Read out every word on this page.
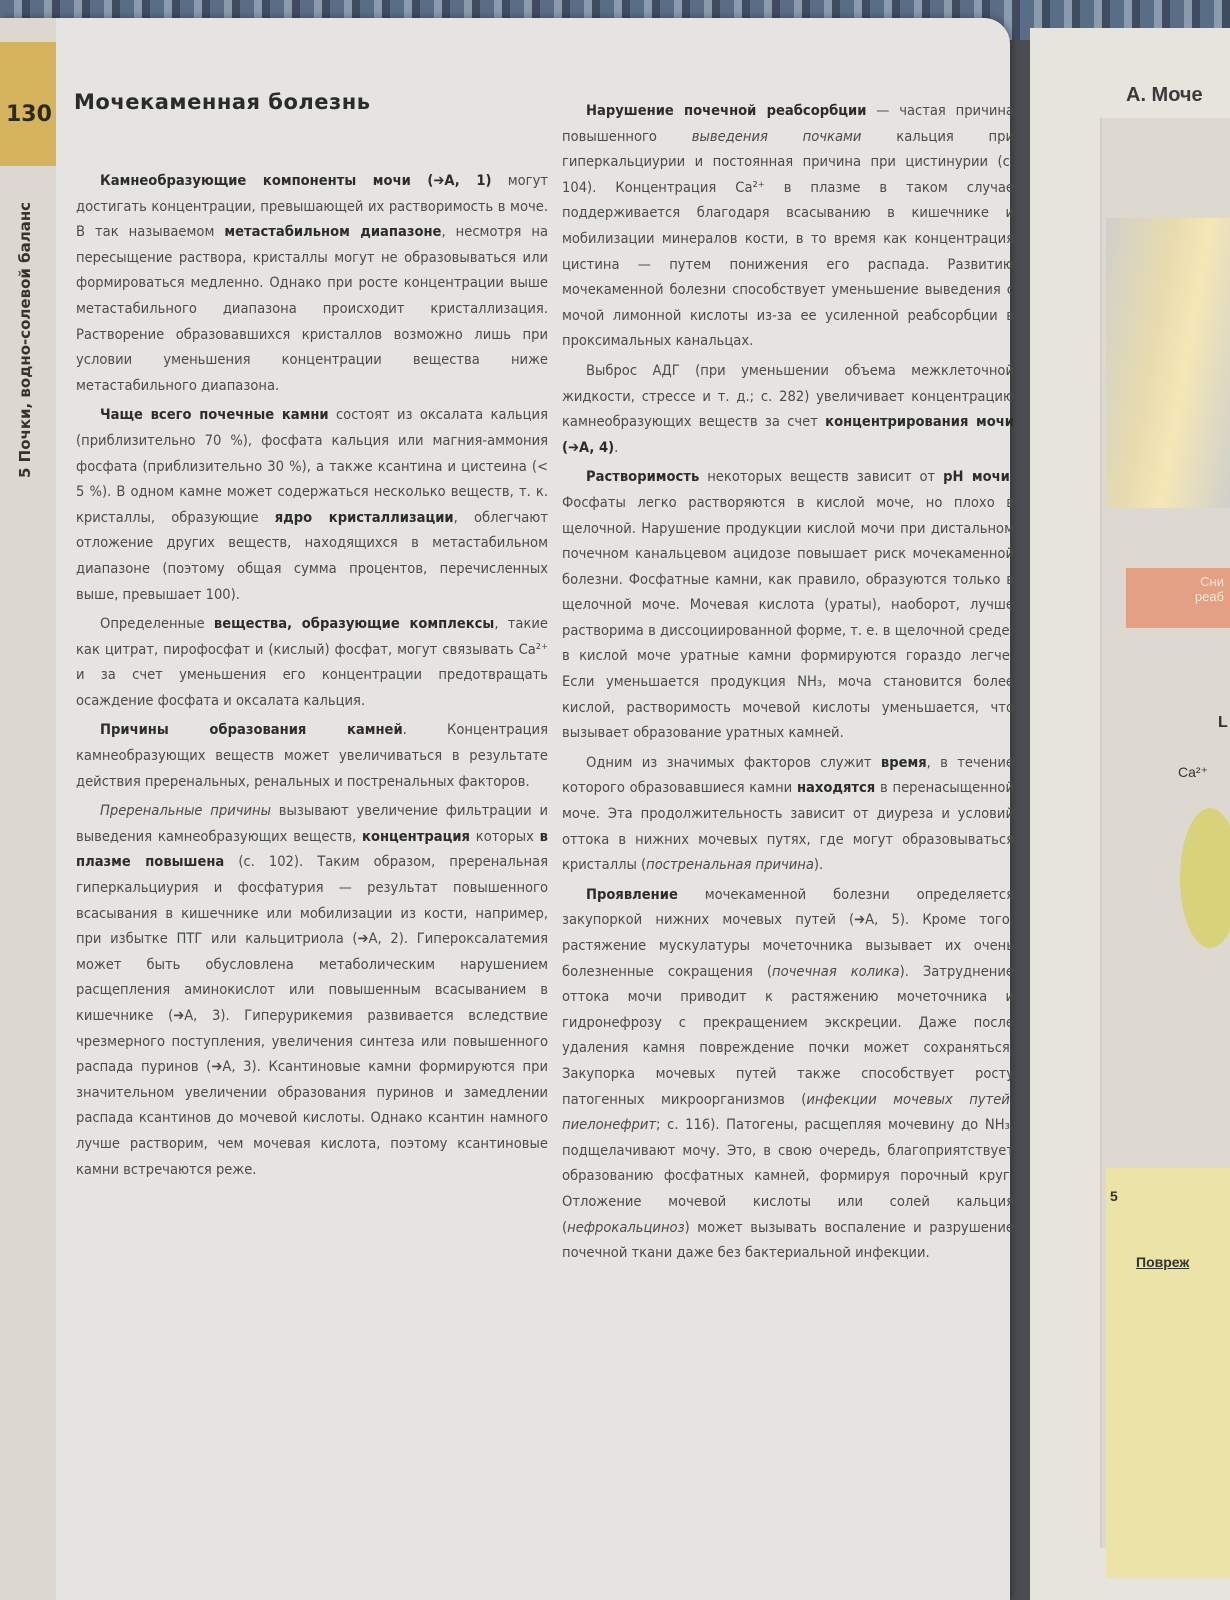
А. Моче
Сни
реаб
L
Ca²⁺
5
Повреж
130
5 Почки, водно-солевой баланс
Мочекаменная болезнь

Камнеобразующие компоненты мочи (➔A, 1) могут достигать концентрации, превышающей их растворимость в моче. В так называемом метастабильном диапазоне, несмотря на пересыщение раствора, кристаллы могут не образовываться или формироваться медленно. Однако при росте концентрации выше метастабильного диапазона происходит кристаллизация. Растворение образовавшихся кристаллов возможно лишь при условии уменьшения концентрации вещества ниже метастабильного диапазона.

Чаще всего почечные камни состоят из оксалата кальция (приблизительно 70 %), фосфата кальция или магния-аммония фосфата (приблизительно 30 %), а также ксантина и цистеина (< 5 %). В одном камне может содержаться несколько веществ, т. к. кристаллы, образующие ядро кристаллизации, облегчают отложение других веществ, находящихся в метастабильном диапазоне (поэтому общая сумма процентов, перечисленных выше, превышает 100).

Определенные вещества, образующие комплексы, такие как цитрат, пирофосфат и (кислый) фосфат, могут связывать Ca²⁺ и за счет уменьшения его концентрации предотвращать осаждение фосфата и оксалата кальция.

Причины образования камней. Концентрация камнеобразующих веществ может увеличиваться в результате действия преренальных, ренальных и постренальных факторов.

Преренальные причины вызывают увеличение фильтрации и выведения камнеобразующих веществ, концентрация которых в плазме повышена (с. 102). Таким образом, преренальная гиперкальциурия и фосфатурия — результат повышенного всасывания в кишечнике или мобилизации из кости, например, при избытке ПТГ или кальцитриола (➔A, 2). Гипероксалатемия может быть обусловлена метаболическим нарушением расщепления аминокислот или повышенным всасыванием в кишечнике (➔A, 3). Гиперурикемия развивается вследствие чрезмерного поступления, увеличения синтеза или повышенного распада пуринов (➔A, 3). Ксантиновые камни формируются при значительном увеличении образования пуринов и замедлении распада ксантинов до мочевой кислоты. Однако ксантин намного лучше растворим, чем мочевая кислота, поэтому ксантиновые камни встречаются реже.

Нарушение почечной реабсорбции — частая причина повышенного выведения почками кальция при гиперкальциурии и постоянная причина при цистинурии (с. 104). Концентрация Ca²⁺ в плазме в таком случае поддерживается благодаря всасыванию в кишечнике и мобилизации минералов кости, в то время как концентрация цистина — путем понижения его распада. Развитию мочекаменной болезни способствует уменьшение выведения с мочой лимонной кислоты из-за ее усиленной реабсорбции в проксимальных канальцах.

Выброс АДГ (при уменьшении объема межклеточной жидкости, стрессе и т. д.; с. 282) увеличивает концентрацию камнеобразующих веществ за счет концентрирования мочи (➔A, 4).

Растворимость некоторых веществ зависит от pH мочи. Фосфаты легко растворяются в кислой моче, но плохо в щелочной. Нарушение продукции кислой мочи при дистальном почечном канальцевом ацидозе повышает риск мочекаменной болезни. Фосфатные камни, как правило, образуются только в щелочной моче. Мочевая кислота (ураты), наоборот, лучше растворима в диссоциированной форме, т. е. в щелочной среде; в кислой моче уратные камни формируются гораздо легче. Если уменьшается продукция NH₃, моча становится более кислой, растворимость мочевой кислоты уменьшается, что вызывает образование уратных камней.

Одним из значимых факторов служит время, в течение которого образовавшиеся камни находятся в перенасыщенной моче. Эта продолжительность зависит от диуреза и условий оттока в нижних мочевых путях, где могут образовываться кристаллы (постренальная причина).

Проявление мочекаменной болезни определяется закупоркой нижних мочевых путей (➔A, 5). Кроме того, растяжение мускулатуры мочеточника вызывает их очень болезненные сокращения (почечная колика). Затруднение оттока мочи приводит к растяжению мочеточника и гидронефрозу с прекращением экскреции. Даже после удаления камня повреждение почки может сохраняться. Закупорка мочевых путей также способствует росту патогенных микроорганизмов (инфекции мочевых путей, пиелонефрит; с. 116). Патогены, расщепляя мочевину до NH₃, подщелачивают мочу. Это, в свою очередь, благоприятствует образованию фосфатных камней, формируя порочный круг. Отложение мочевой кислоты или солей кальция (нефрокальциноз) может вызывать воспаление и разрушение почечной ткани даже без бактериальной инфекции.
